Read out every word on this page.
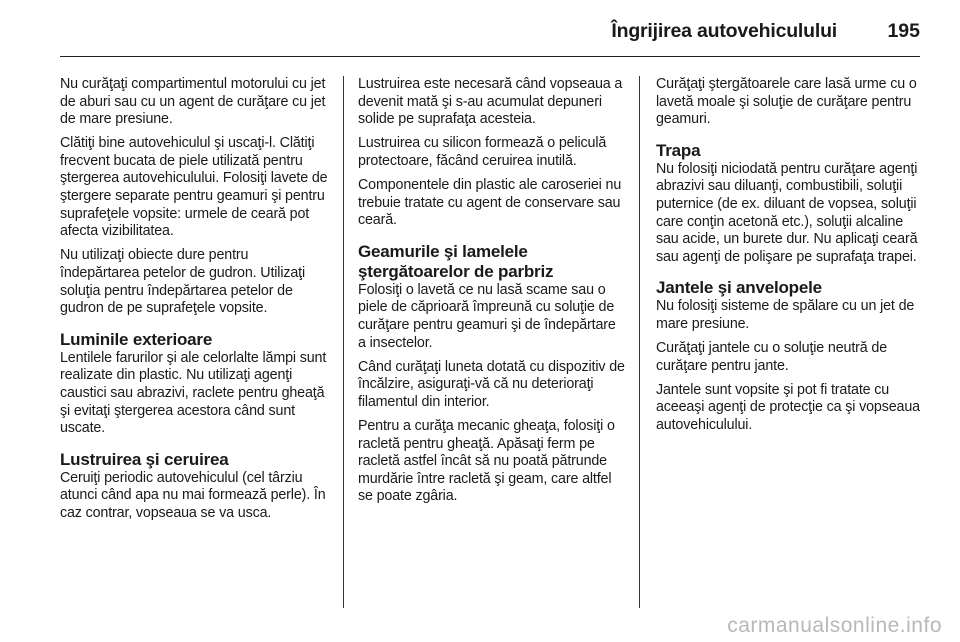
Îngrijirea autovehiculului	195

Nu curăţaţi compartimentul motorului cu jet de aburi sau cu un agent de curăţare cu jet de mare presiune.

Clătiţi bine autovehiculul şi uscaţi-l. Clătiţi frecvent bucata de piele utilizată pentru ştergerea autovehiculului. Folosiţi lavete de ştergere separate pentru geamuri şi pentru suprafeţele vopsite: urmele de ceară pot afecta vizibilitatea.

Nu utilizaţi obiecte dure pentru îndepărtarea petelor de gudron. Utilizaţi soluţia pentru îndepărtarea petelor de gudron de pe suprafeţele vopsite.

Luminile exterioare

Lentilele farurilor şi ale celorlalte lămpi sunt realizate din plastic. Nu utilizaţi agenţi caustici sau abrazivi, raclete pentru gheaţă şi evitaţi ştergerea acestora când sunt uscate.

Lustruirea şi ceruirea

Ceruiţi periodic autovehiculul (cel târziu atunci când apa nu mai formează perle). În caz contrar, vopseaua se va usca.

Lustruirea este necesară când vopseaua a devenit mată şi s-au acumulat depuneri solide pe suprafaţa acesteia.

Lustruirea cu silicon formează o peliculă protectoare, făcând ceruirea inutilă.

Componentele din plastic ale caroseriei nu trebuie tratate cu agent de conservare sau ceară.

Geamurile şi lamelele ştergătoarelor de parbriz

Folosiţi o lavetă ce nu lasă scame sau o piele de căprioară împreună cu soluţie de curăţare pentru geamuri şi de îndepărtare a insectelor.

Când curăţaţi luneta dotată cu dispozitiv de încălzire, asiguraţi-vă că nu deterioraţi filamentul din interior.

Pentru a curăţa mecanic gheaţa, folosiţi o racletă pentru gheaţă. Apăsaţi ferm pe racletă astfel încât să nu poată pătrunde murdărie între racletă şi geam, care altfel se poate zgâria.

Curăţaţi ştergătoarele care lasă urme cu o lavetă moale şi soluţie de curăţare pentru geamuri.

Trapa

Nu folosiţi niciodată pentru curăţare agenţi abrazivi sau diluanţi, combustibili, soluţii puternice (de ex. diluant de vopsea, soluţii care conţin acetonă etc.), soluţii alcaline sau acide, un burete dur. Nu aplicaţi ceară sau agenţi de polişare pe suprafaţa trapei.

Jantele şi anvelopele

Nu folosiţi sisteme de spălare cu un jet de mare presiune.

Curăţaţi jantele cu o soluţie neutră de curăţare pentru jante.

Jantele sunt vopsite şi pot fi tratate cu aceeaşi agenţi de protecţie ca şi vopseaua autovehiculului.

carmanualsonline.info
